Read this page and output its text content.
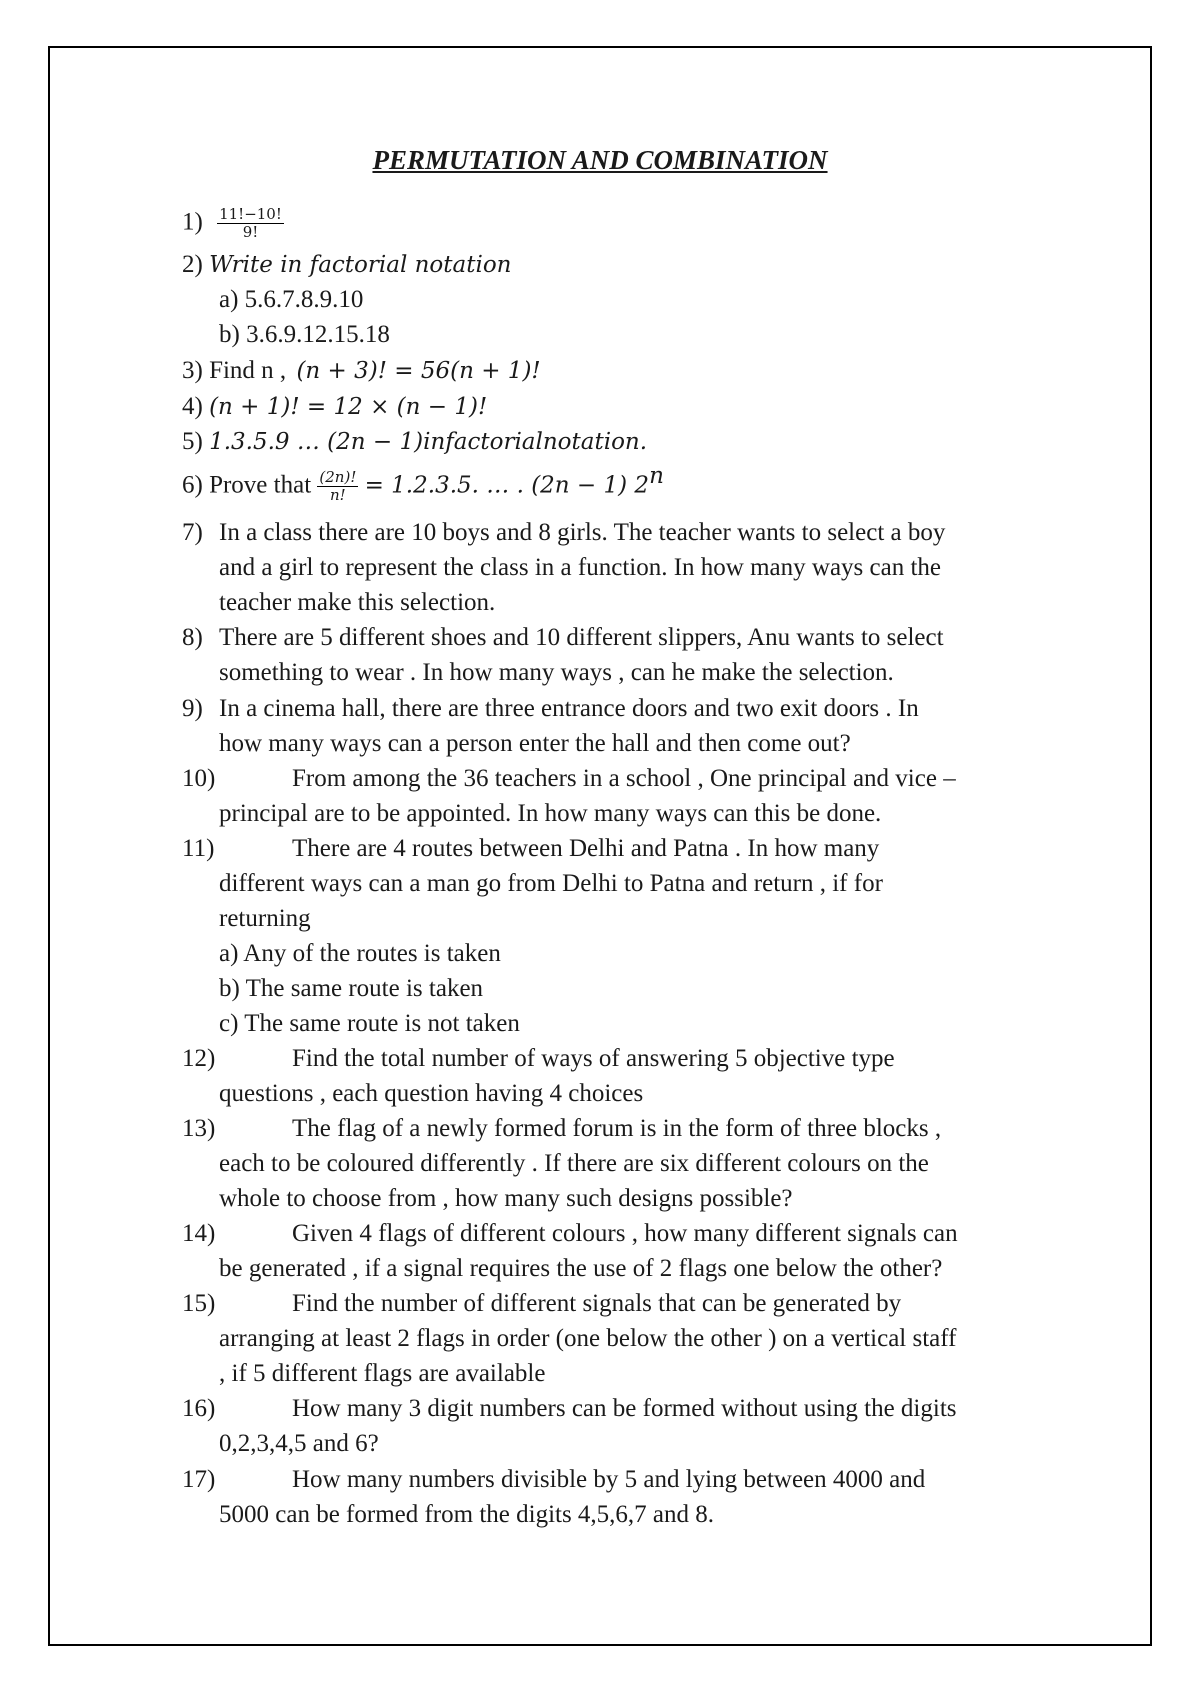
PERMUTATION AND COMBINATION
$1) \frac{11!-10!}{9!}$
2) Write in factorial notation
a) 5.6.7.8.9.10
b) 3.6.9.12.15.18
3) Find n , (n + 3)! = 56(n + 1)!
4) (n + 1)! = 12 × (n − 1)!
5) 1.3.5.9 … (2n − 1)infactorialnotation.
6) Prove that $\frac{(2n)!}{n!} = 1.2.3.5$. … . (2n − 1) 2$^n$
7) In a class there are 10 boys and 8 girls. The teacher wants to select a boy
and a girl to represent the class in a function. In how many ways can the
teacher make this selection.
8) There are 5 different shoes and 10 different slippers, Anu wants to select
something to wear . In how many ways , can he make the selection.
9) In a cinema hall, there are three entrance doors and two exit doors . In
how many ways can a person enter the hall and then come out?
10)	From among the 36 teachers in a school , One principal and vice –
principal are to be appointed. In how many ways can this be done.
11)	There are 4 routes between Delhi and Patna . In how many
different ways can a man go from Delhi to Patna and return , if for
returning
a) Any of the routes is taken
b) The same route is taken
c) The same route is not taken
12)	Find the total number of ways of answering 5 objective type
questions , each question having 4 choices
13)	The flag of a newly formed forum is in the form of three blocks ,
each to be coloured differently . If there are six different colours on the
whole to choose from , how many such designs possible?
14)	Given 4 flags of different colours , how many different signals can
be generated , if a signal requires the use of 2 flags one below the other?
15)	Find the number of different signals that can be generated by
arranging at least 2 flags in order (one below the other ) on a vertical staff
, if 5 different flags are available
16)	How many 3 digit numbers can be formed without using the digits
0,2,3,4,5 and 6?
17)	How many numbers divisible by 5 and lying between 4000 and
5000 can be formed from the digits 4,5,6,7 and 8.
